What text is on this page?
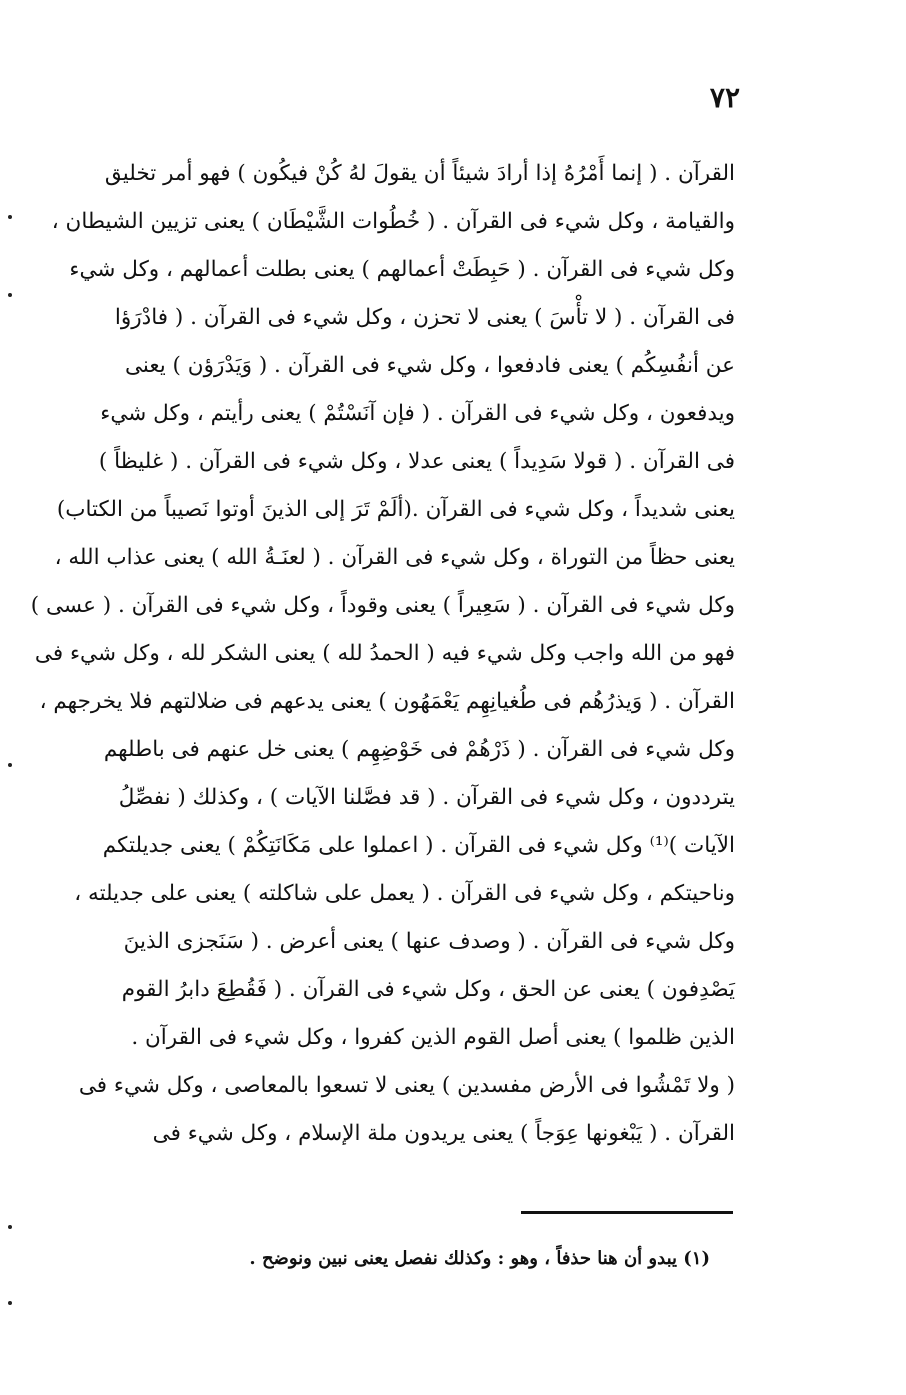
٧٢
القرآن . ( إنما أَمْرُهُ إذا أرادَ شيئاً أن يقولَ لهُ كُنْ فيكُون ) فهو أمر تخليق
والقيامة ، وكل شيء فى القرآن . ( خُطُوات الشَّيْطَان ) يعنى تزيين الشيطان ،
وكل شيء فى القرآن . ( حَبِطَتْ أعمالهم ) يعنى بطلت أعمالهم ، وكل شيء
فى القرآن . ( لا تأْسَ ) يعنى لا تحزن ، وكل شيء فى القرآن . ( فادْرَؤا
عن أنفُسِكُم ) يعنى فادفعوا ، وكل شيء فى القرآن . ( وَيَدْرَؤن ) يعنى
ويدفعون ، وكل شيء فى القرآن . ( فإن آنَسْتُمْ ) يعنى رأيتم ، وكل شيء
فى القرآن . ( قولا سَدِيداً ) يعنى عدلا ، وكل شيء فى القرآن . ( غليظاً )
يعنى شديداً ، وكل شيء فى القرآن .(ألَمْ تَرَ إلى الذينَ أوتوا نَصيباً من الكتاب)
يعنى حظاً من التوراة ، وكل شيء فى القرآن . ( لعنَـةُ الله ) يعنى عذاب الله ،
وكل شيء فى القرآن . ( سَعِيراً ) يعنى وقوداً ، وكل شيء فى القرآن . ( عسى )
فهو من الله واجب وكل شيء فيه ( الحمدُ لله ) يعنى الشكر لله ، وكل شيء فى
القرآن . ( وَيذرُهُم فى طُغيانِهِم يَعْمَهُون ) يعنى يدعهم فى ضلالتهم فلا يخرجهم ،
وكل شيء فى القرآن . ( ذَرْهُمْ فى خَوْضِهِم ) يعنى خل عنهم فى باطلهم
يترددون ، وكل شيء فى القرآن . ( قد فصَّلنا الآيات ) ، وكذلك ( نفصِّلُ
الآيات )⁽¹⁾ وكل شيء فى القرآن . ( اعملوا على مَكَانَتِكُمْ ) يعنى جديلتكم
وناحيتكم ، وكل شيء فى القرآن . ( يعمل على شاكلته ) يعنى على جديلته ،
وكل شيء فى القرآن . ( وصدف عنها ) يعنى أعرض . ( سَنَجزى الذينَ
يَصْدِفون ) يعنى عن الحق ، وكل شيء فى القرآن . ( فَقُطِعَ دابرُ القوم
الذين ظلموا ) يعنى أصل القوم الذين كفروا ، وكل شيء فى القرآن .
( ولا تَمْشُوا فى الأرض مفسدين ) يعنى لا تسعوا بالمعاصى ، وكل شيء فى
القرآن . ( يَبْغونها عِوَجاً ) يعنى يريدون ملة الإسلام ، وكل شيء فى
(١) يبدو أن هنا حذفاً ، وهو : وكذلك نفصل يعنى نبين ونوضح .
